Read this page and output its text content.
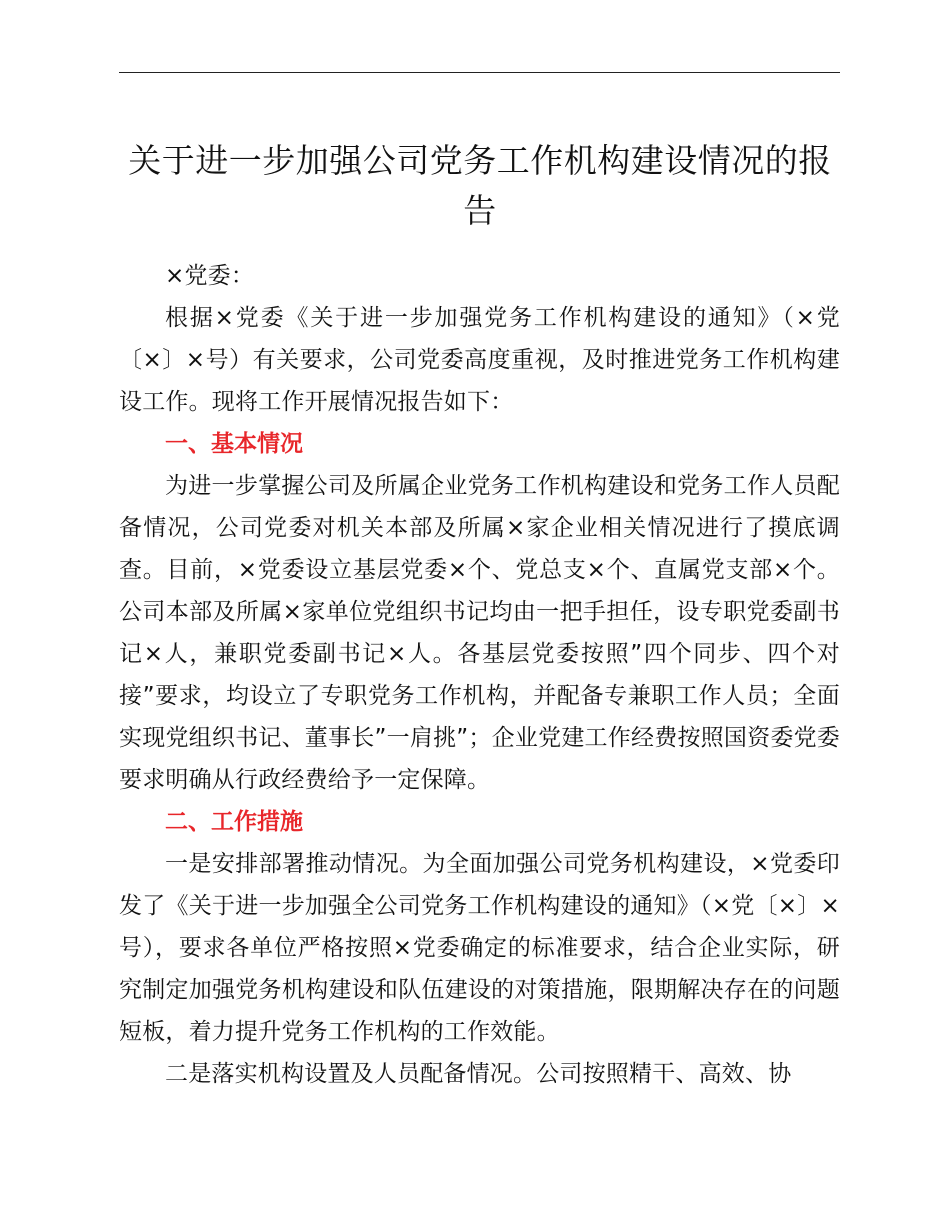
关于进一步加强公司党务工作机构建设情况的报告

×党委：

根据×党委《关于进一步加强党务工作机构建设的通知》（×党〔×〕×号）有关要求，公司党委高度重视，及时推进党务工作机构建设工作。现将工作开展情况报告如下：

一、基本情况

为进一步掌握公司及所属企业党务工作机构建设和党务工作人员配备情况，公司党委对机关本部及所属×家企业相关情况进行了摸底调查。目前，×党委设立基层党委×个、党总支×个、直属党支部×个。公司本部及所属×家单位党组织书记均由一把手担任，设专职党委副书记×人，兼职党委副书记×人。各基层党委按照”四个同步、四个对接”要求，均设立了专职党务工作机构，并配备专兼职工作人员；全面实现党组织书记、董事长”一肩挑”；企业党建工作经费按照国资委党委要求明确从行政经费给予一定保障。

二、工作措施

一是安排部署推动情况。为全面加强公司党务机构建设，×党委印发了《关于进一步加强全公司党务工作机构建设的通知》（×党〔×〕×号），要求各单位严格按照×党委确定的标准要求，结合企业实际，研究制定加强党务机构建设和队伍建设的对策措施，限期解决存在的问题短板，着力提升党务工作机构的工作效能。

二是落实机构设置及人员配备情况。公司按照精干、高效、协
